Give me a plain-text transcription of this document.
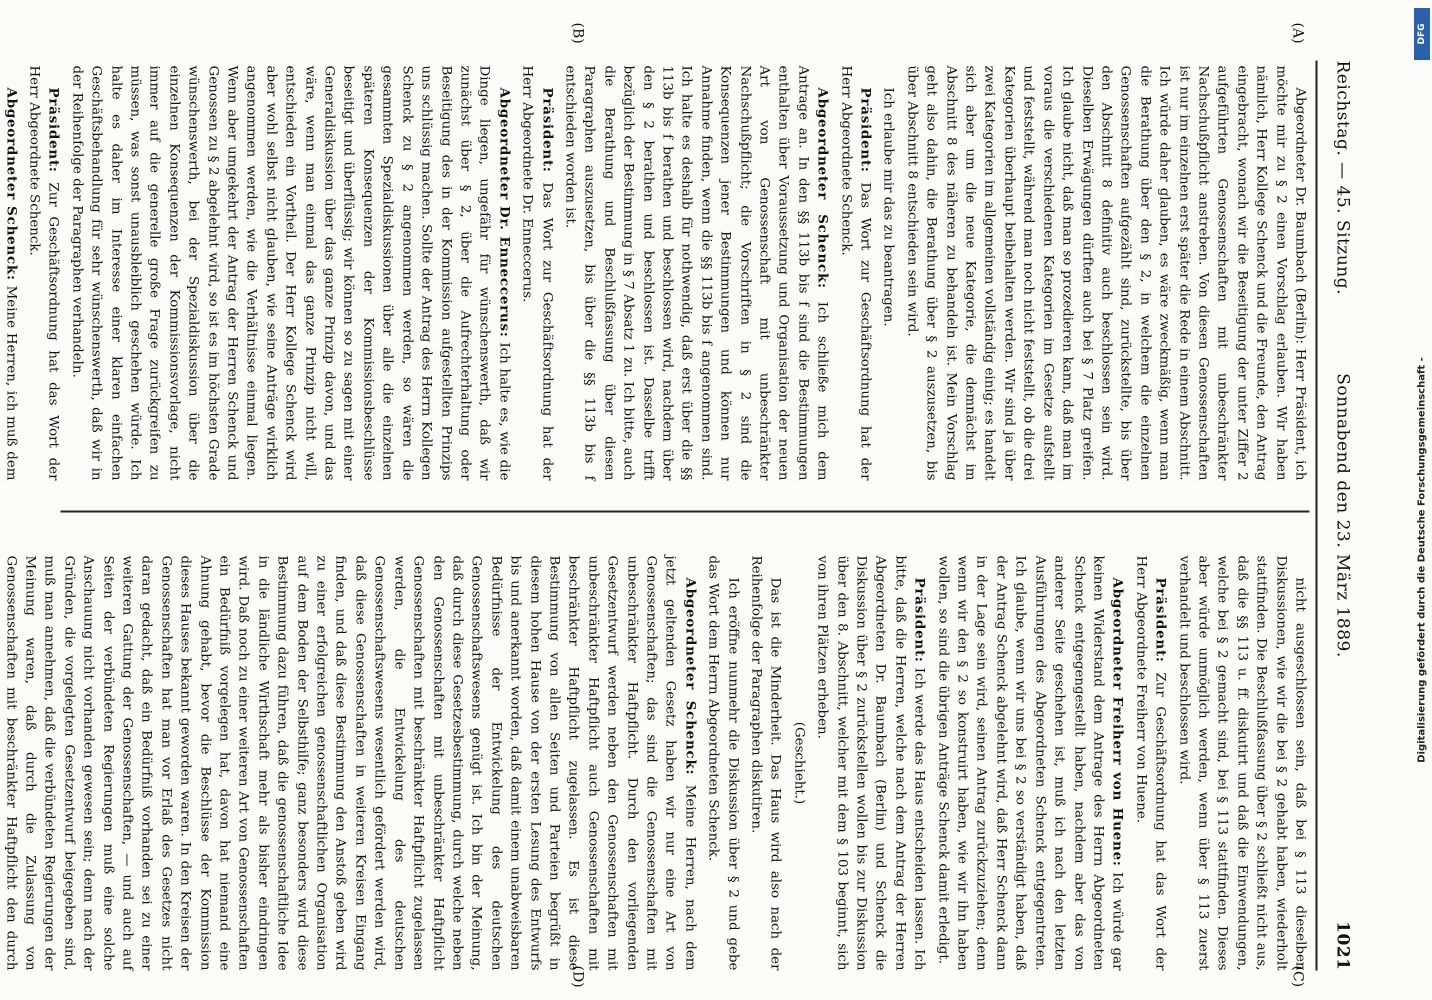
Reichstag. — 45. Sitzung.
Sonnabend den 23. März 1889.
1021
(A)
(B)
(C)
(D)

Abgeordneter Dr. Baumbach (Berlin): Herr Präsident, ich möchte mir zu § 2 einen Vorschlag erlauben. Wir haben nämlich, Herr Kollege Schenck und die Freunde, den Antrag eingebracht, wonach wir die Beseitigung der unter Ziffer 2 aufgeführten Genossenschaften mit unbeschränkter Nachschußpflicht anstreben. Von diesen Genossenschaften ist nur im einzelnen erst später die Rede in einem Abschnitt. Ich würde daher glauben, es wäre zweckmäßig, wenn man die Berathung über den § 2, in welchem die einzelnen Genossenschaften aufgezählt sind, zurückstellte, bis über den Abschnitt 8 definitiv auch beschlossen sein wird. Dieselben Erwägungen dürften auch bei § 7 Platz greifen. Ich glaube nicht, daß man so prozedieren kann, daß man im voraus die verschiedenen Kategorien im Gesetze aufstellt und feststellt, während man noch nicht feststellt, ob die drei Kategorien überhaupt beibehalten werden. Wir sind ja über zwei Kategorien im allgemeinen vollständig einig; es handelt sich aber um die neue Kategorie, die demnächst im Abschnitt 8 des näheren zu behandeln ist. Mein Vorschlag geht also dahin, die Berathung über § 2 auszusetzen, bis über Abschnitt 8 entschieden sein wird.

Ich erlaube mir das zu beantragen.

Präsident: Das Wort zur Geschäftsordnung hat der Herr Abgeordnete Schenck.

Abgeordneter Schenck: Ich schließe mich dem Antrage an. In den §§ 113b bis f sind die Bestimmungen enthalten über Voraussetzung und Organisation der neuen Art von Genossenschaft mit unbeschränkter Nachschußpflicht; die Vorschriften in § 2 sind die Konsequenzen jener Bestimmungen und können nur Annahme finden, wenn die §§ 113b bis f angenommen sind. Ich halte es deshalb für nothwendig, daß erst über die §§ 113b bis f berathen und beschlossen wird, nachdem über den § 2 berathen und beschlossen ist. Dasselbe trifft bezüglich der Bestimmung in § 7 Absatz 1 zu. Ich bitte, auch die Berathung und Beschlußfassung über diesen Paragraphen auszusetzen, bis über die §§ 113b bis f entschieden worden ist.

Präsident: Das Wort zur Geschäftsordnung hat der Herr Abgeordnete Dr. Enneccerus.

Abgeordneter Dr. Enneccerus: Ich halte es, wie die Dinge liegen, ungefähr für wünschenswerth, daß wir zunächst über § 2, über die Aufrechterhaltung oder Beseitigung des in der Kommission aufgestellten Prinzips uns schlüssig machen. Sollte der Antrag des Herrn Kollegen Schenck zu § 2 angenommen werden, so wären die gesammten Spezialdiskussionen über alle die einzelnen späteren Konsequenzen der Kommissionsbeschlüsse beseitigt und überflüssig; wir können so zu sagen mit einer Generaldiskussion über das ganze Prinzip davon, und das wäre, wenn man einmal das ganze Prinzip nicht will, entschieden ein Vortheil. Der Herr Kollege Schenck wird aber wohl selbst nicht glauben, wie seine Anträge wirklich angenommen werden, wie die Verhältnisse einmal liegen. Wenn aber umgekehrt der Antrag der Herren Schenck und Genossen zu § 2 abgelehnt wird, so ist es im höchsten Grade wünschenswerth, bei der Spezialdiskussion über die einzelnen Konsequenzen der Kommissionsvorlage, nicht immer auf die generelle große Frage zurückgreifen zu müssen, was sonst unausbleiblich geschehen würde. Ich halte es daher im Interesse einer klaren einfachen Geschäftsbehandlung für sehr wünschenswerth, daß wir in der Reihenfolge der Paragraphen verhandeln.

Präsident: Zur Geschäftsordnung hat das Wort der Herr Abgeordnete Schenck.

Abgeordneter Schenck: Meine Herren, ich muß dem

nicht ausgeschlossen sein, daß bei § 113 dieselben Diskussionen, wie wir die bei § 2 gehabt haben, wiederholt stattfinden. Die Beschlußfassung über § 2 schließt nicht aus, daß die §§ 113 u. ff. diskutirt und daß die Einwendungen, welche bei § 2 gemacht sind, bei § 113 stattfinden. Dieses aber würde unmöglich werden, wenn über § 113 zuerst verhandelt und beschlossen wird.

Präsident: Zur Geschäftsordnung hat das Wort der Herr Abgeordnete Freiherr von Huene.

Abgeordneter Freiherr von Huene: Ich würde gar keinen Widerstand dem Antrage des Herrn Abgeordneten Schenck entgegengestellt haben, nachdem aber das von anderer Seite geschehen ist, muß ich nach den letzten Ausführungen des Abgeordneten Schenck entgegentreten. Ich glaube, wenn wir uns bei § 2 so verständigt haben, daß der Antrag Schenck abgelehnt wird, daß Herr Schenck dann in der Lage sein wird, seinen Antrag zurückzuziehen; denn wenn wir den § 2 so konstruirt haben, wie wir ihn haben wollen, so sind die übrigen Anträge Schenck damit erledigt.

Präsident: Ich werde das Haus entscheiden lassen. Ich bitte, daß die Herren, welche nach dem Antrag der Herren Abgeordneten Dr. Baumbach (Berlin) und Schenck die Diskussion über § 2 zurückstellen wollen bis zur Diskussion über den 8. Abschnitt, welcher mit dem § 103 beginnt, sich von ihren Plätzen erheben.

(Geschieht.)

Das ist die Minderheit. Das Haus wird also nach der Reihenfolge der Paragraphen diskutiren.

Ich eröffne nunmehr die Diskussion über § 2 und gebe das Wort dem Herrn Abgeordneten Schenck.

Abgeordneter Schenck: Meine Herren, nach dem jetzt geltenden Gesetz haben wir nur eine Art von Genossenschaften; das sind die Genossenschaften mit unbeschränkter Haftpflicht. Durch den vorliegenden Gesetzentwurf werden neben den Genossenschaften mit unbeschränkter Haftpflicht auch Genossenschaften mit beschränkter Haftpflicht zugelassen. Es ist diese Bestimmung von allen Seiten und Parteien begrüßt in diesem hohen Hause von der ersten Lesung des Entwurfs bis und anerkannt worden, daß damit einem unabweisbaren Bedürfnisse der Entwickelung des deutschen Genossenschaftswesens genügt ist. Ich bin der Meinung, daß durch diese Gesetzesbestimmung, durch welche neben den Genossenschaften mit unbeschränkter Haftpflicht Genossenschaften mit beschränkter Haftpflicht zugelassen werden, die Entwickelung des deutschen Genossenschaftswesens wesentlich gefördert werden wird, daß diese Genossenschaften in weiteren Kreisen Eingang finden, und daß diese Bestimmung den Anstoß geben wird zu einer erfolgreichen genossenschaftlichen Organisation auf dem Boden der Selbsthilfe; ganz besonders wird diese Bestimmung dazu führen, daß die genossenschaftliche Idee in die ländliche Wirthschaft mehr als bisher eindringen wird. Daß noch zu einer weiteren Art von Genossenschaften ein Bedürfniß vorgelegen hat, davon hat niemand eine Ahnung gehabt, bevor die Beschlüsse der Kommission dieses Hauses bekannt geworden waren. In den Kreisen der Genossenschaften hat man vor Erlaß des Gesetzes nicht daran gedacht, daß ein Bedürfniß vorhanden sei zu einer weiteren Gattung der Genossenschaften, — und auch auf Seiten der verbündeten Regierungen muß eine solche Anschauung nicht vorhanden gewesen sein; denn nach der Gründen, die vorgelegten Gesetzentwurf beigegeben sind, muß man annehmen, daß die verbündeten Regierungen der Meinung waren, daß durch die Zulassung von Genossenschaften mit beschränkter Haftpflicht den durch

DFG
Digitalisierung gefördert durch die Deutsche Forschungsgemeinschaft -
